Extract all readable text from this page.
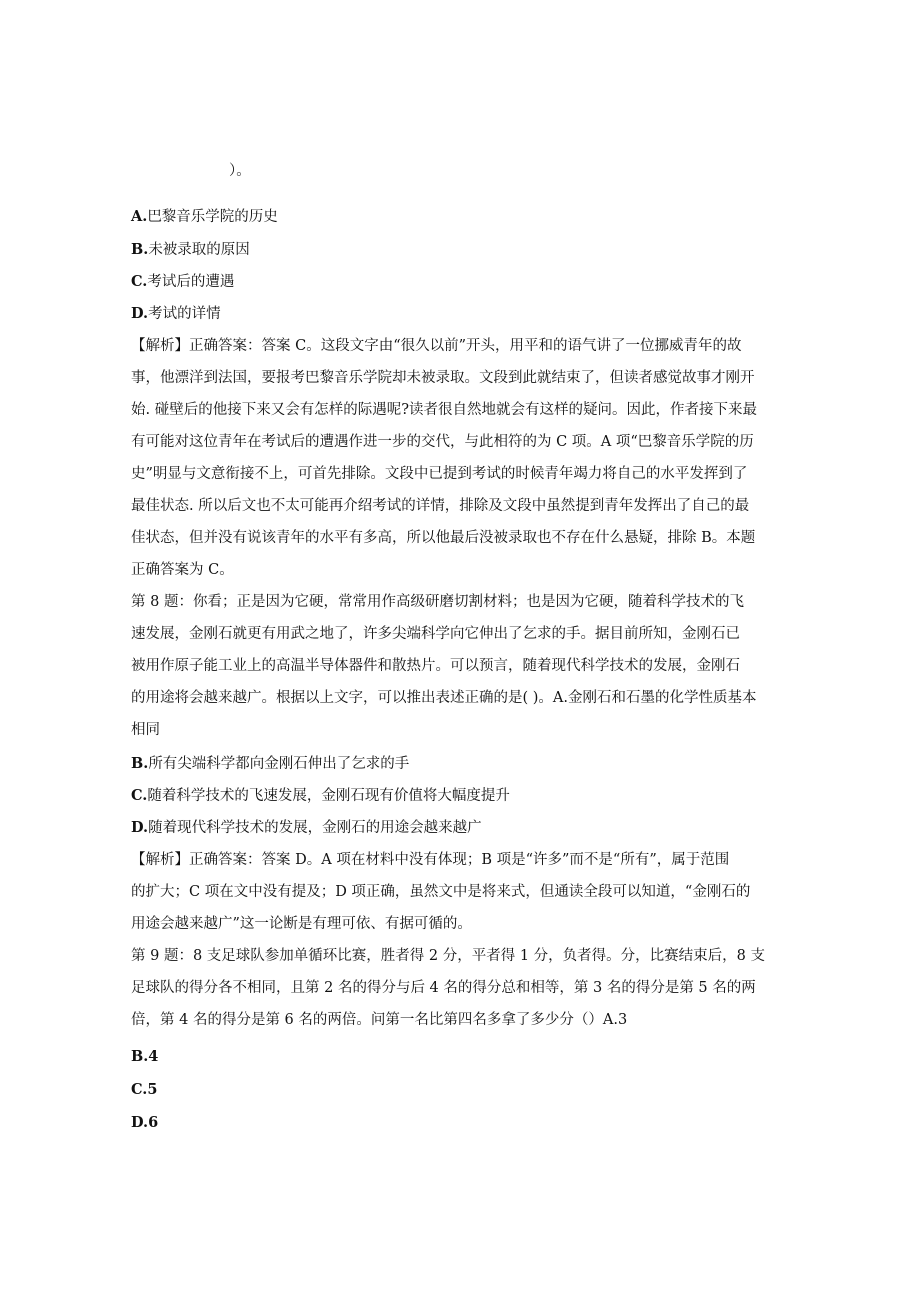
）。
A.巴黎音乐学院的历史
B.未被录取的原因
C.考试后的遭遇
D.考试的详情
【解析】正确答案：答案 C。这段文字由“很久以前”开头，用平和的语气讲了一位挪威青年的故
事，他漂洋到法国，要报考巴黎音乐学院却未被录取。文段到此就结束了，但读者感觉故事才刚开
始. 碰壁后的他接下来又会有怎样的际遇呢?读者很自然地就会有这样的疑问。因此，作者接下来最
有可能对这位青年在考试后的遭遇作进一步的交代，与此相符的为 C 项。A 项“巴黎音乐学院的历
史”明显与文意衔接不上，可首先排除。文段中已提到考试的时候青年竭力将自己的水平发挥到了
最佳状态. 所以后文也不太可能再介绍考试的详情，排除及文段中虽然提到青年发挥出了自己的最
佳状态，但并没有说该青年的水平有多高，所以他最后没被录取也不存在什么悬疑，排除 B。本题
正确答案为 C。
第 8 题：你看；正是因为它硬，常常用作高级研磨切割材料；也是因为它硬，随着科学技术的飞
速发展，金刚石就更有用武之地了，许多尖端科学向它伸出了乞求的手。据目前所知，金刚石已
被用作原子能工业上的高温半导体器件和散热片。可以预言，随着现代科学技术的发展，金刚石
的用途将会越来越广。根据以上文字，可以推出表述正确的是( )。A.金刚石和石墨的化学性质基本
相同
B.所有尖端科学都向金刚石伸出了乞求的手
C.随着科学技术的飞速发展，金刚石现有价值将大幅度提升
D.随着现代科学技术的发展，金刚石的用途会越来越广
【解析】正确答案：答案 D。A 项在材料中没有体现；B 项是“许多”而不是“所有”，属于范围
的扩大；C 项在文中没有提及；D 项正确，虽然文中是将来式，但通读全段可以知道，“金刚石的
用途会越来越广”这一论断是有理可依、有据可循的。
第 9 题：8 支足球队参加单循环比赛，胜者得 2 分，平者得 1 分，负者得。分，比赛结束后，8 支
足球队的得分各不相同，且第 2 名的得分与后 4 名的得分总和相等，第 3 名的得分是第 5 名的两
倍，第 4 名的得分是第 6 名的两倍。问第一名比第四名多拿了多少分（）A.3
B.4
C.5
D.6
